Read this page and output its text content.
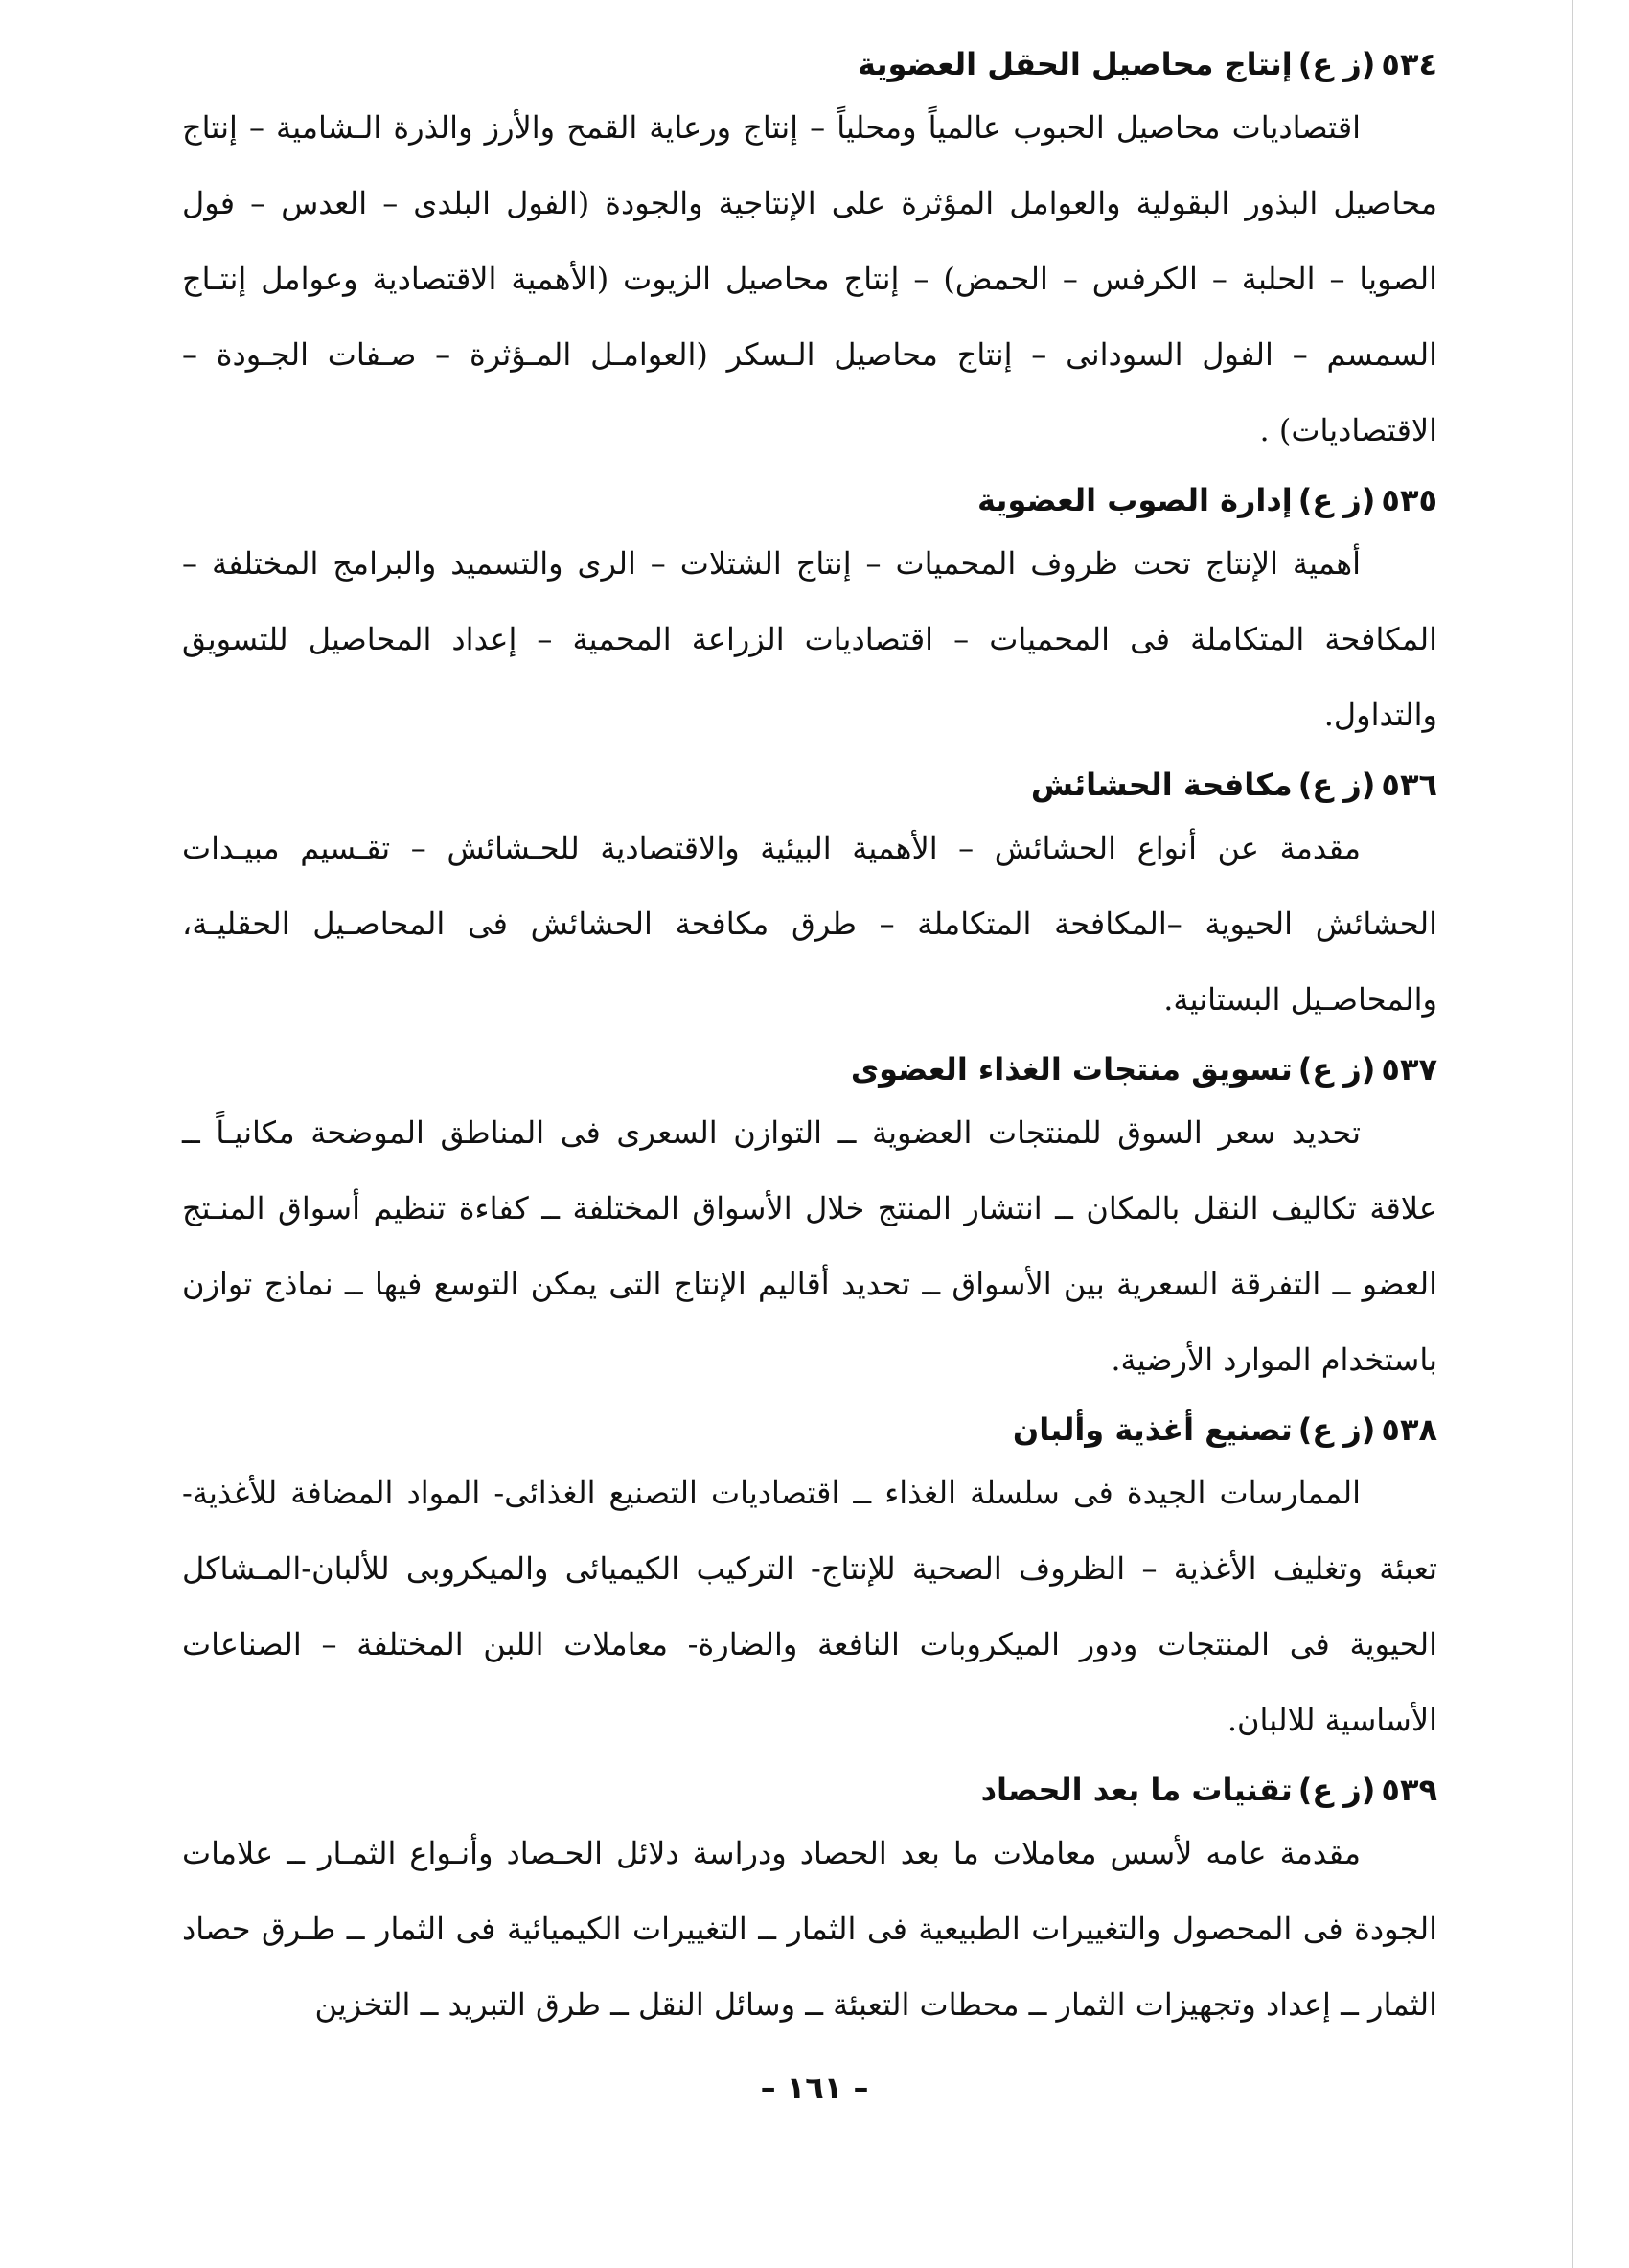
٥٣٤(ز ع)إنتاج محاصيل الحقل العضوية

اقتصاديات محاصيل الحبوب عالمياً ومحلياً – إنتاج ورعاية القمح والأرز والذرة الـشامية – إنتاج محاصيل البذور البقولية والعوامل المؤثرة على الإنتاجية والجودة (الفول البلدى – العدس – فول الصويا – الحلبة – الكرفس – الحمض) – إنتاج محاصيل الزيوت (الأهمية الاقتصادية وعوامل إنتـاج السمسم – الفول السودانى – إنتاج محاصيل الـسكر (العوامـل المـؤثرة – صـفات الجـودة – الاقتصاديات) .

٥٣٥(ز ع)إدارة الصوب العضوية

أهمية الإنتاج تحت ظروف المحميات – إنتاج الشتلات – الرى والتسميد والبرامج المختلفة – المكافحة المتكاملة فى المحميات – اقتصاديات الزراعة المحمية – إعداد المحاصيل للتسويق والتداول.

٥٣٦(ز ع)مكافحة الحشائش

مقدمة عن أنواع الحشائش – الأهمية البيئية والاقتصادية للحـشائش – تقـسيم مبيـدات الحشائش الحيوية –المكافحة المتكاملة – طرق مكافحة الحشائش فى المحاصـيل الحقليـة، والمحاصـيل البستانية.

٥٣٧(ز ع)تسويق منتجات الغذاء العضوى

تحديد سعر السوق للمنتجات العضوية ــ التوازن السعرى فى المناطق الموضحة مكانيـاً ــ علاقة تكاليف النقل بالمكان ــ انتشار المنتج خلال الأسواق المختلفة ــ كفاءة تنظيم أسواق المنـتج العضو ــ التفرقة السعرية بين الأسواق ــ تحديد أقاليم الإنتاج التى يمكن التوسع فيها ــ نماذج توازن باستخدام الموارد الأرضية.

٥٣٨(ز ع)تصنيع أغذية وألبان

الممارسات الجيدة فى سلسلة الغذاء ــ اقتصاديات التصنيع الغذائى- المواد المضافة للأغذية- تعبئة وتغليف الأغذية – الظروف الصحية للإنتاج- التركيب الكيميائى والميكروبى للألبان-المـشاكل الحيوية فى المنتجات ودور الميكروبات النافعة والضارة- معاملات اللبن المختلفة – الصناعات الأساسية للالبان.

٥٣٩(ز ع)تقنيات ما بعد الحصاد

مقدمة عامه لأسس معاملات ما بعد الحصاد ودراسة دلائل الحـصاد وأنـواع الثمـار ــ علامات الجودة فى المحصول والتغييرات الطبيعية فى الثمار ــ التغييرات الكيميائية فى الثمار ــ طـرق حصاد الثمار ــ إعداد وتجهيزات الثمار ــ محطات التعبئة ــ وسائل النقل ــ طرق التبريد ــ التخزين

– ١٦١ –
